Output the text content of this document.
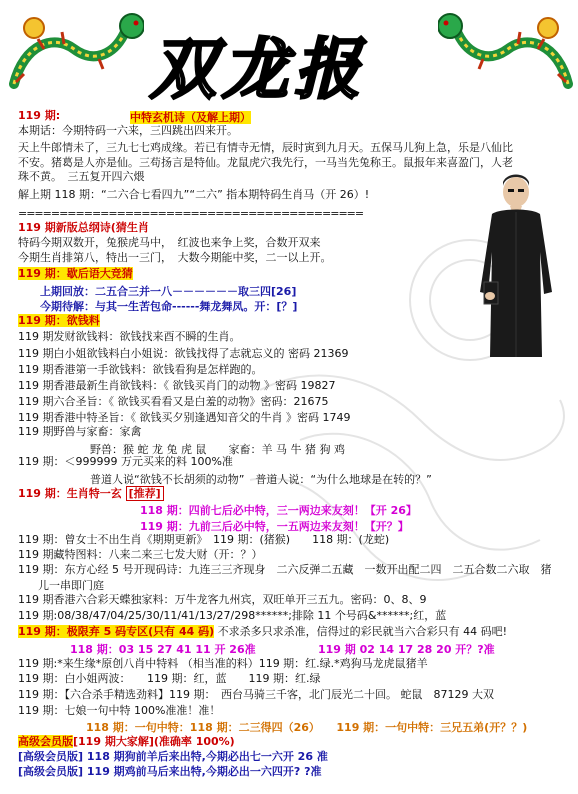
双龙报
119 期:	中特玄机诗（及解上期）
本期话：今期特码一六来，三四跳出四来开。
天上牛郎情未了，三九七七鸡成缘。若已有情寺无情，辰时寅到九月天。五保马儿狗上急，乐是八仙比
不安。猪葛是人亦是仙。三苟扬言是特仙。龙鼠虎穴我先行，一马当先兔称王。鼠报年来喜盈门，人老
珠不黄。　三五复开四六煨
解上期 118 期：“二六合七看四九”“二六” 指本期特码生肖马（开 26）!
==========================================
119 期新版总纲诗(猜生肖
特码今期双数开，兔猴虎马中，　红波也来争上奖，合数开双来
今期生肖排第八，特出一三门，　大数今期能中奖，二一以上开。
119 期：歇后语大竞猜
上期回放：二五合三并一八－－－－－－取三四[26]
今期待解：与其一生苦包命------舞龙舞凤。开：[？]
119 期：欲钱料
119 期发财欲钱料：欲钱找来酉不瞬的生肖。
119 期白小姐欲钱料白小姐说：欲钱找得了志就忘义的 密码 21369
119 期香港第一手欲钱料：欲钱看狗是怎样跑的。
119 期香港最新生肖欲钱料：《 欲钱买肖门的动物 》密码 19827
119 期六合圣旨：《 欲钱买看看又是白羞的动物》密码：21675
119 期香港中特圣旨：《 欲钱买夕别逢遇知音父的牛肖 》密码 1749
119 期野兽与家畜：家禽
野兽：猴 蛇 龙 兔 虎 鼠　　家畜：羊 马 牛 猪 狗 鸡
119 期：＜999999 万元买来的料 100%准
普道人说“欲钱不长胡须的动物”　普道人说：“为什么地球是在转的？”
119 期：生肖特一玄 [推荐]
118 期：四前七后必中特，三一两边来友刻！【开 26】
119 期：九前三后必中特，一五两边来友刻！【开？】
119 期：曾女士不出生肖《期期更新》　119 期：(猪猴)　　118 期：(龙蛇)
119 期藏特图料：八来二来三七发大财（开：？）
119 期：东方心经 5 号开现码诗：九连三三齐现身　二六反弹二五藏　一数开出配二四　二五合数二六取　猪
儿一串即门庭
119 期香港六合彩天蝶独家料：万牛龙客九州宾，双旺单开三五九。密码：0、8、9
119 期:08/38/47/04/25/30/11/41/13/27/298******;排除 11 个号码&******;红，蓝
119 期：极限弃 5 码专区(只有 44 码) 不求杀多只求杀准，信得过的彩民就当六合彩只有 44 码吧!
118 期：03 15 27 41 11 开 26准	119 期 02 14 17 28 20 开？?准
119 期:*来生缘*原创八肖中特料 （相当准的料）119 期：红.绿.*鸡狗马龙虎鼠猪羊
119 期：白小姐两波：　　119 期：红，蓝　　119 期：红.绿
119 期：【六合杀手精选劲料】119 期：　西台马骑三千客，北门辰光二十回。 蛇鼠　87129 大双
119 期：七娘一句中特 100%准准！准！
118 期：一句中特：118 期：二三得四（26）　　119 期：一句中特：三兄五弟(开？？)
高级会员版[119 期大家解](准确率 100%)
[高级会员版] 118 期狗前羊后来出特,今期必出七一六开 26 准
[高级会员版] 119 期鸡前马后来出特,今期必出一六四开? ?准
